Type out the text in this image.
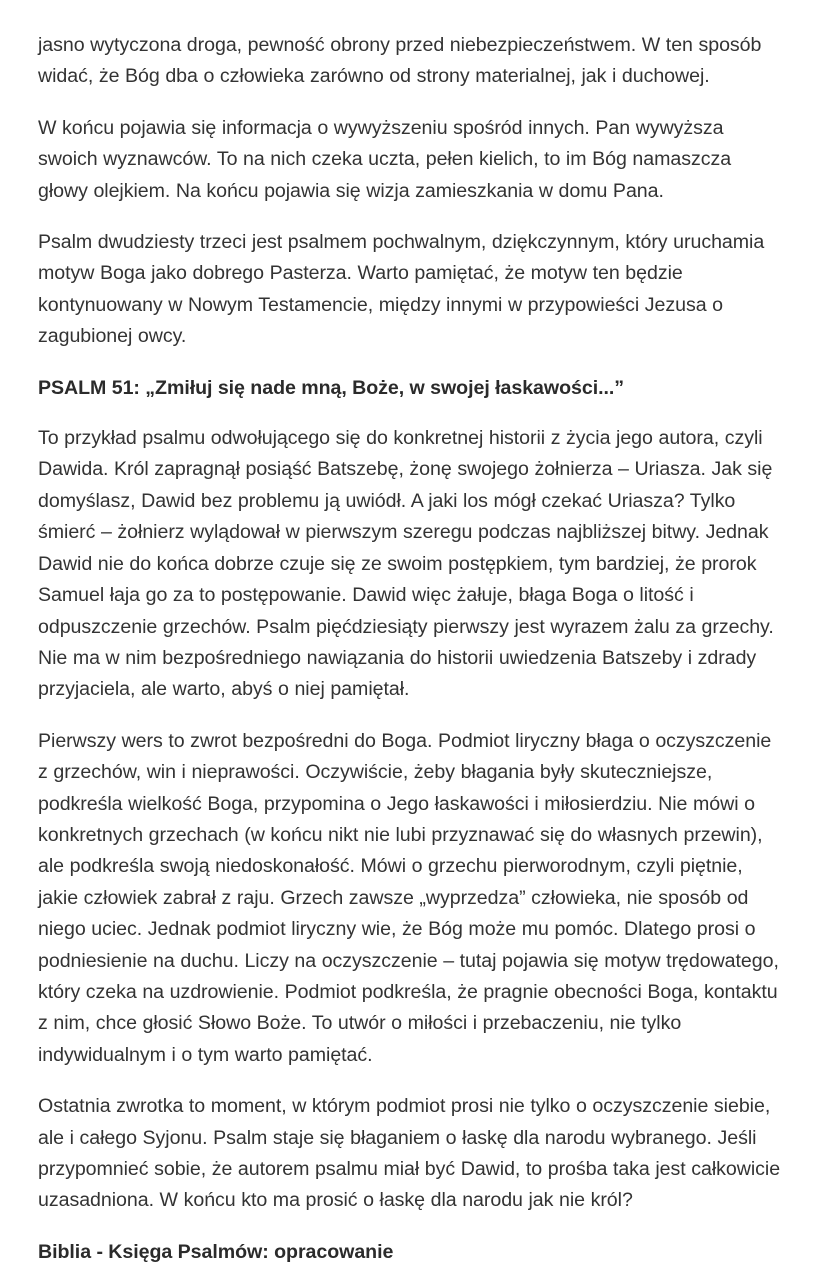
jasno wytyczona droga, pewność obrony przed niebezpieczeństwem. W ten sposób widać, że Bóg dba o człowieka zarówno od strony materialnej, jak i duchowej.

W końcu pojawia się informacja o wywyższeniu spośród innych. Pan wywyższa swoich wyznawców. To na nich czeka uczta, pełen kielich, to im Bóg namaszcza głowy olejkiem. Na końcu pojawia się wizja zamieszkania w domu Pana.

Psalm dwudziesty trzeci jest psalmem pochwalnym, dziękczynnym, który uruchamia motyw Boga jako dobrego Pasterza. Warto pamiętać, że motyw ten będzie kontynuowany w Nowym Testamencie, między innymi w przypowieści Jezusa o zagubionej owcy.

PSALM 51: „Zmiłuj się nade mną, Boże, w swojej łaskawości...”

To przykład psalmu odwołującego się do konkretnej historii z życia jego autora, czyli Dawida. Król zapragnął posiąść Batszebę, żonę swojego żołnierza – Uriasza. Jak się domyślasz, Dawid bez problemu ją uwiódł. A jaki los mógł czekać Uriasza? Tylko śmierć – żołnierz wylądował w pierwszym szeregu podczas najbliższej bitwy. Jednak Dawid nie do końca dobrze czuje się ze swoim postępkiem, tym bardziej, że prorok Samuel łaja go za to postępowanie. Dawid więc żałuje, błaga Boga o litość i odpuszczenie grzechów. Psalm pięćdziesiąty pierwszy jest wyrazem żalu za grzechy. Nie ma w nim bezpośredniego nawiązania do historii uwiedzenia Batszeby i zdrady przyjaciela, ale warto, abyś o niej pamiętał.

Pierwszy wers to zwrot bezpośredni do Boga. Podmiot liryczny błaga o oczyszczenie z grzechów, win i nieprawości. Oczywiście, żeby błagania były skuteczniejsze, podkreśla wielkość Boga, przypomina o Jego łaskawości i miłosierdziu. Nie mówi o konkretnych grzechach (w końcu nikt nie lubi przyznawać się do własnych przewin), ale podkreśla swoją niedoskonałość. Mówi o grzechu pierworodnym, czyli piętnie, jakie człowiek zabrał z raju. Grzech zawsze „wyprzedza” człowieka, nie sposób od niego uciec. Jednak podmiot liryczny wie, że Bóg może mu pomóc. Dlatego prosi o podniesienie na duchu. Liczy na oczyszczenie – tutaj pojawia się motyw trędowatego, który czeka na uzdrowienie. Podmiot podkreśla, że pragnie obecności Boga, kontaktu z nim, chce głosić Słowo Boże. To utwór o miłości i przebaczeniu, nie tylko indywidualnym i o tym warto pamiętać.

Ostatnia zwrotka to moment, w którym podmiot prosi nie tylko o oczyszczenie siebie, ale i całego Syjonu. Psalm staje się błaganiem o łaskę dla narodu wybranego. Jeśli przypomnieć sobie, że autorem psalmu miał być Dawid, to prośba taka jest całkowicie uzasadniona. W końcu kto ma prosić o łaskę dla narodu jak nie król?

Biblia - Księga Psalmów: opracowanie
